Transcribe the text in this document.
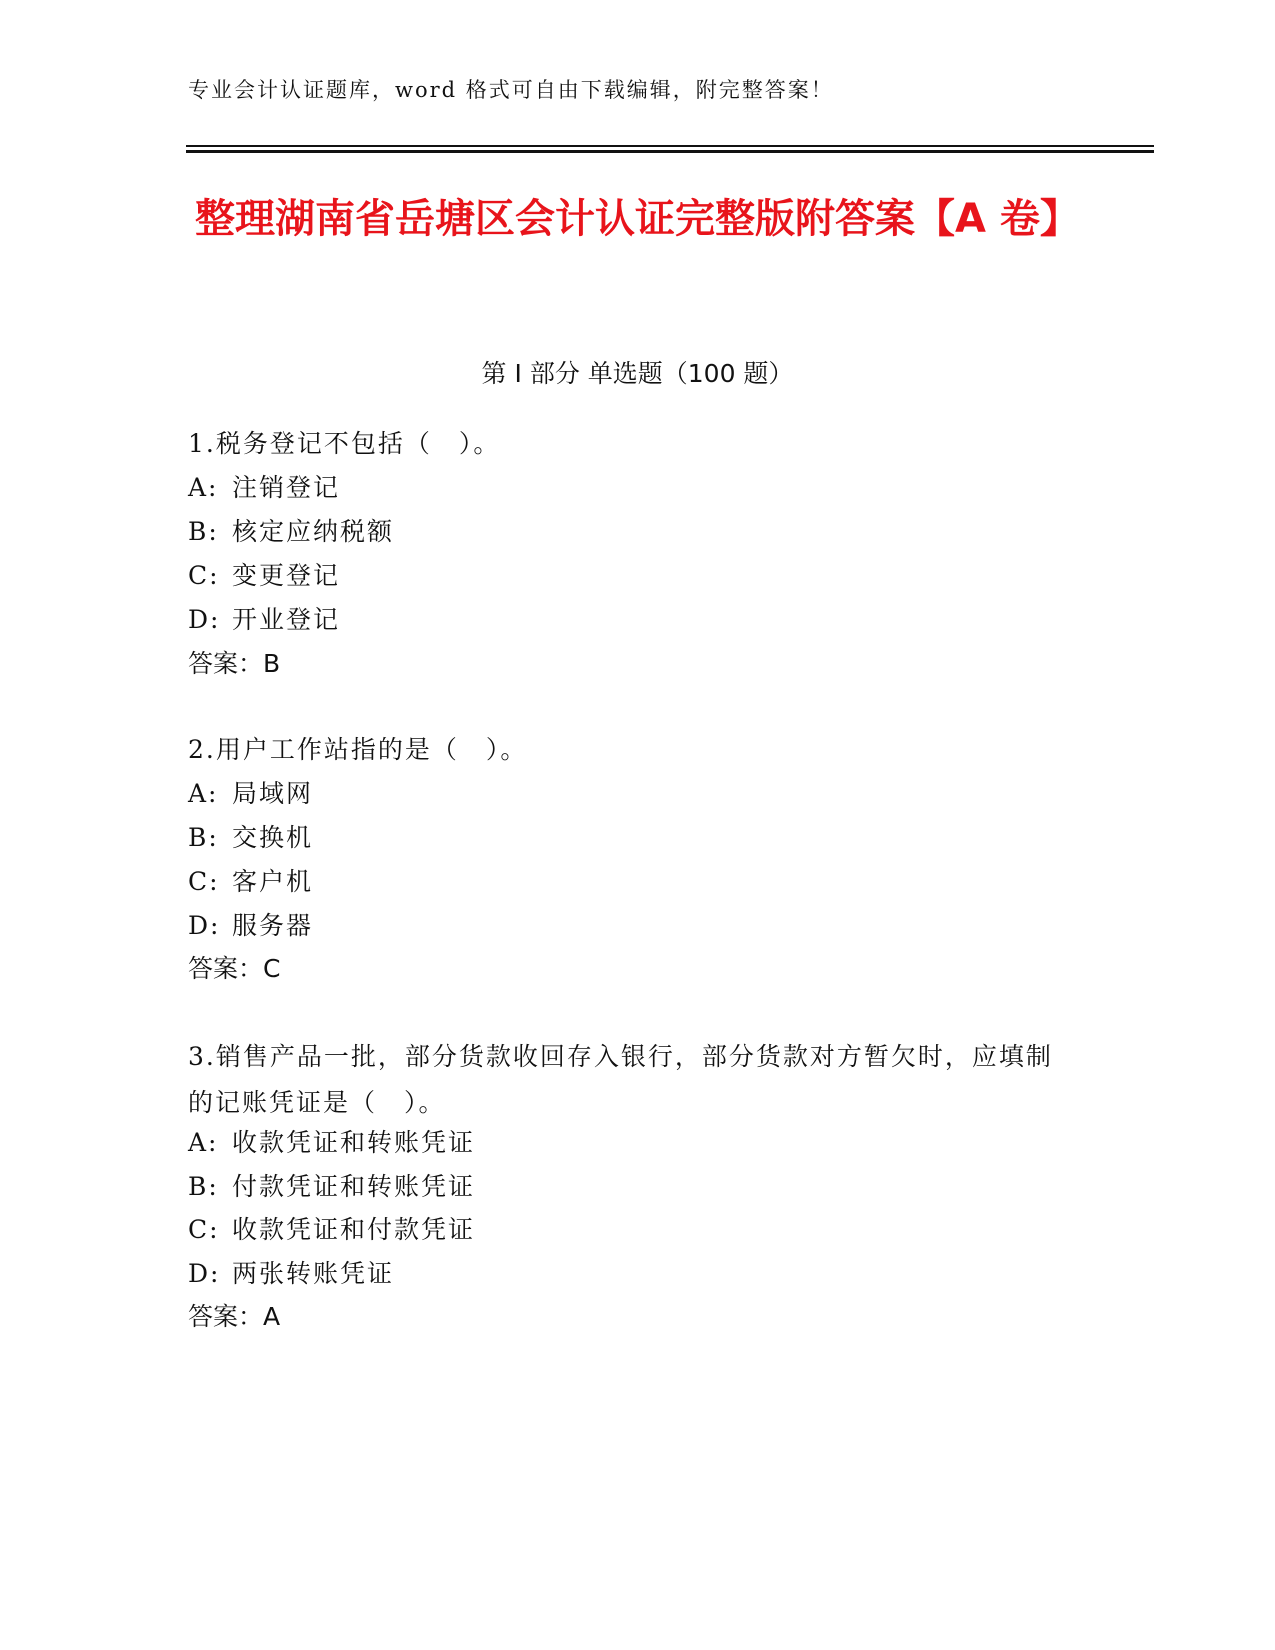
专业会计认证题库，word 格式可自由下载编辑，附完整答案！
整理湖南省岳塘区会计认证完整版附答案【A 卷】
第 I 部分 单选题（100 题）
1.税务登记不包括（　）。
A: 注销登记
B: 核定应纳税额
C: 变更登记
D: 开业登记
答案：B
2.用户工作站指的是（　）。
A: 局域网
B: 交换机
C: 客户机
D: 服务器
答案：C

3.销售产品一批，部分货款收回存入银行，部分货款对方暂欠时，应填制的记账凭证是（　）。

A: 收款凭证和转账凭证
B: 付款凭证和转账凭证
C: 收款凭证和付款凭证
D: 两张转账凭证
答案：A
